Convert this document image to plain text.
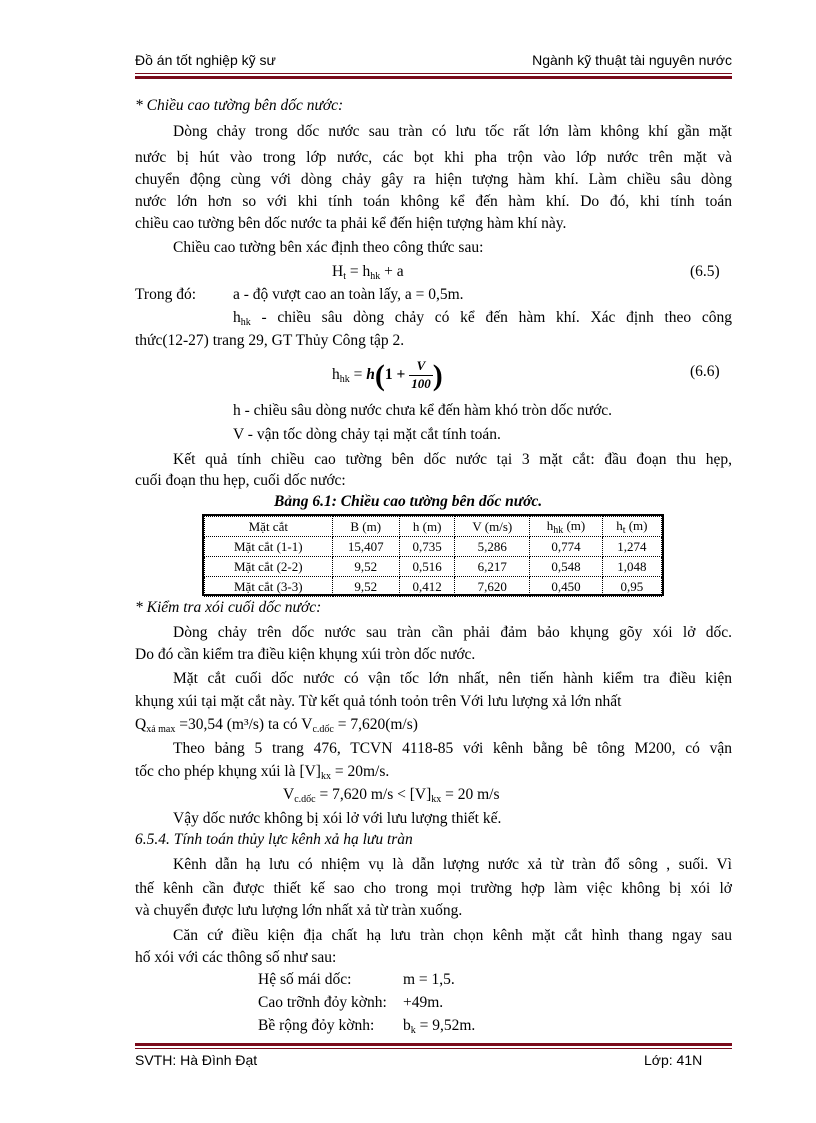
Đồ án tốt nghiệp kỹ sư	Ngành kỹ thuật tài nguyên nước
* Chiều cao tường bên dốc nước:
Dòng chảy trong dốc nước sau tràn có lưu tốc rất lớn làm không khí gần mặt
nước bị hút vào trong lớp nước, các bọt khi pha trộn vào lớp nước trên mặt và
chuyển động cùng với dòng chảy gây ra hiện tượng hàm khí. Làm chiều sâu dòng
nước lớn hơn so với khi tính toán không kể đến hàm khí. Do đó, khi tính toán
chiều cao tường bên dốc nước ta phải kể đến hiện tượng hàm khí này.
Chiều cao tường bên xác định theo công thức sau:
$H_t = h_{hk} + a$	(6.5)
Trong đó: a - độ vượt cao an toàn lấy, a = 0,5m.
$h_{hk}$ - chiều sâu dòng chảy có kể đến hàm khí. Xác định theo công
thức(12-27) trang 29, GT Thủy Công tập 2.
$h_{hk} = h(1 + \frac{V}{100}$ )	(6.6)
h - chiều sâu dòng nước chưa kể đến hàm khó tròn dốc nước.
V - vận tốc dòng chảy tại mặt cắt tính toán.
Kết quả tính chiều cao tường bên dốc nước tại 3 mặt cắt: đầu đoạn thu hẹp,
cuối đoạn thu hẹp, cuối dốc nước:
Bảng 6.1: Chiều cao tường bên dốc nước.
Mặt cắt	B (m)	h (m)	V (m/s)	$h_{hk}$ (m)	$h_t$ (m)
Mặt cắt (1-1)	15,407	0,735	5,286	0,774	1,274
Mặt cắt (2-2)	9,52	0,516	6,217	0,548	1,048
Mặt cắt (3-3)	9,52	0,412	7,620	0,450	0,95
* Kiểm tra xói cuối dốc nước:
Dòng chảy trên dốc nước sau tràn cần phải đảm bảo khụng gõy xói lở dốc.
Do đó cần kiểm tra điều kiện khụng xúi tròn dốc nước.
Mặt cắt cuối dốc nước có vận tốc lớn nhất, nên tiến hành kiểm tra điều kiện
khụng xúi tại mặt cắt này. Từ kết quả tónh toỏn trên Với lưu lượng xả lớn nhất
$Q_{xả max} =30,54$ (m³/s) ta có $V_{c.dốc} = 7,620(m/s)$
Theo bảng 5 trang 476, TCVN 4118-85 với kênh bằng bê tông M200, có vận
tốc cho phép khụng xúi là $[V]_{kx} = 20m/s$.
$V_{c.dốc} = 7,620$ $m/s < [V]_{kx} = 20$ m/s
Vậy dốc nước không bị xói lở với lưu lượng thiết kế.
6.5.4. Tính toán thủy lực kênh xả hạ lưu tràn
Kênh dẫn hạ lưu có nhiệm vụ là dẫn lượng nước xả từ tràn đổ sông , suối. Vì
thế kênh cần được thiết kế sao cho trong mọi trường hợp làm việc không bị xói lở
và chuyển được lưu lượng lớn nhất xả từ tràn xuống.
Căn cứ điều kiện địa chất hạ lưu tràn chọn kênh mặt cắt hình thang ngay sau
hố xói với các thông số như sau:
Hệ số mái dốc:	m = 1,5.
Cao trỡnh đỏy kờnh: +49m.
Bề rộng đỏy kờnh: $b_k = 9,52m$.
SVTH: Hà Đình Đạt	Lớp: 41N
